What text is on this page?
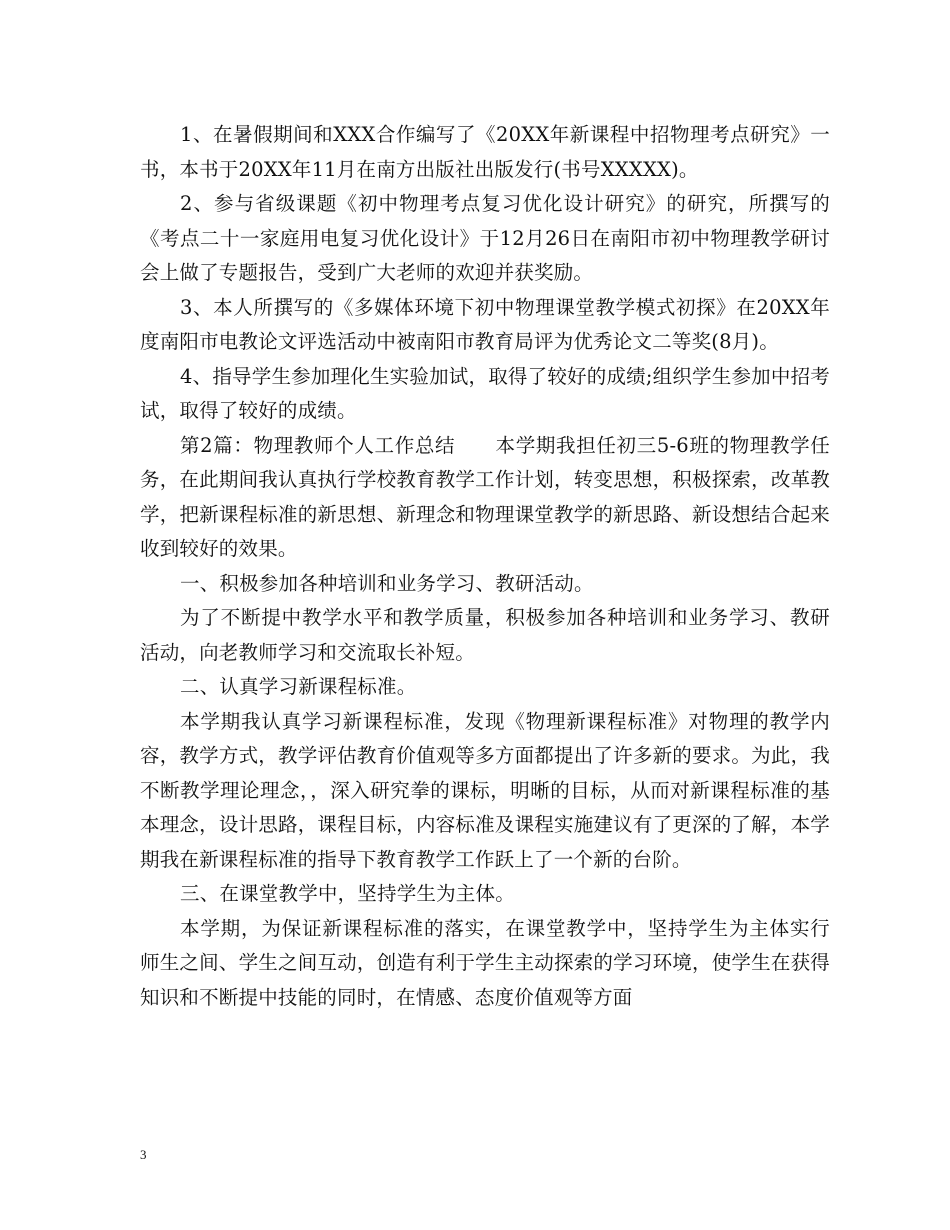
1、在暑假期间和XXX合作编写了《20XX年新课程中招物理考点研究》一书，本书于20XX年11月在南方出版社出版发行(书号XXXXX)。

2、参与省级课题《初中物理考点复习优化设计研究》的研究，所撰写的《考点二十一家庭用电复习优化设计》于12月26日在南阳市初中物理教学研讨会上做了专题报告，受到广大老师的欢迎并获奖励。

3、本人所撰写的《多媒体环境下初中物理课堂教学模式初探》在20XX年度南阳市电教论文评选活动中被南阳市教育局评为优秀论文二等奖(8月)。

4、指导学生参加理化生实验加试，取得了较好的成绩;组织学生参加中招考试，取得了较好的成绩。

第2篇：物理教师个人工作总结　　本学期我担任初三5-6班的物理教学任务，在此期间我认真执行学校教育教学工作计划，转变思想，积极探索，改革教学，把新课程标准的新思想、新理念和物理课堂教学的新思路、新设想结合起来收到较好的效果。

一、积极参加各种培训和业务学习、教研活动。

为了不断提中教学水平和教学质量，积极参加各种培训和业务学习、教研活动，向老教师学习和交流取长补短。

二、认真学习新课程标准。

本学期我认真学习新课程标准，发现《物理新课程标准》对物理的教学内容，教学方式，教学评估教育价值观等多方面都提出了许多新的要求。为此，我不断教学理论理念，，深入研究拳的课标，明晰的目标，从而对新课程标准的基本理念，设计思路，课程目标，内容标准及课程实施建议有了更深的了解，本学期我在新课程标准的指导下教育教学工作跃上了一个新的台阶。

三、在课堂教学中，坚持学生为主体。

本学期，为保证新课程标准的落实，在课堂教学中，坚持学生为主体实行师生之间、学生之间互动，创造有利于学生主动探索的学习环境，使学生在获得知识和不断提中技能的同时，在情感、态度价值观等方面

3
